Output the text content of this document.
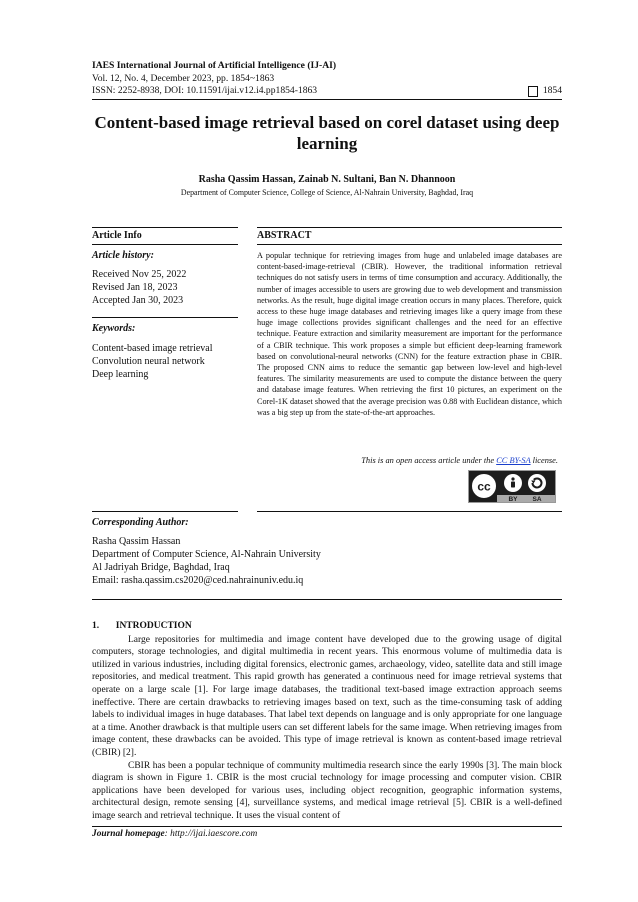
IAES International Journal of Artificial Intelligence (IJ-AI)
Vol. 12, No. 4, December 2023, pp. 1854~1863
ISSN: 2252-8938, DOI: 10.11591/ijai.v12.i4.pp1854-1863	1854
Content-based image retrieval based on corel dataset using deep learning
Rasha Qassim Hassan, Zainab N. Sultani, Ban N. Dhannoon
Department of Computer Science, College of Science, Al-Nahrain University, Baghdad, Iraq
Article Info	ABSTRACT
Article history:
Received Nov 25, 2022
Revised Jan 18, 2023
Accepted Jan 30, 2023
Keywords:
Content-based image retrieval
Convolution neural network
Deep learning
A popular technique for retrieving images from huge and unlabeled image databases are content-based-image-retrieval (CBIR). However, the traditional information retrieval techniques do not satisfy users in terms of time consumption and accuracy. Additionally, the number of images accessible to users are growing due to web development and transmission networks. As the result, huge digital image creation occurs in many places. Therefore, quick access to these huge image databases and retrieving images like a query image from these huge image collections provides significant challenges and the need for an effective technique. Feature extraction and similarity measurement are important for the performance of a CBIR technique. This work proposes a simple but efficient deep-learning framework based on convolutional-neural networks (CNN) for the feature extraction phase in CBIR. The proposed CNN aims to reduce the semantic gap between low-level and high-level features. The similarity measurements are used to compute the distance between the query and database image features. When retrieving the first 10 pictures, an experiment on the Corel-1K dataset showed that the average precision was 0.88 with Euclidean distance, which was a big step up from the state-of-the-art approaches.
This is an open access article under the CC BY-SA license.
cc
BY SA
Corresponding Author:
Rasha Qassim Hassan
Department of Computer Science, Al-Nahrain University
Al Jadriyah Bridge, Baghdad, Iraq
Email: rasha.qassim.cs2020@ced.nahrainuniv.edu.iq
1.       INTRODUCTION

Large repositories for multimedia and image content have developed due to the growing usage of digital computers, storage technologies, and digital multimedia in recent years. This enormous volume of multimedia data is utilized in various industries, including digital forensics, electronic games, archaeology, video, satellite data and still image repositories, and medical treatment. This rapid growth has generated a continuous need for image retrieval systems that operate on a large scale [1]. For large image databases, the traditional text-based image extraction approach seems ineffective. There are certain drawbacks to retrieving images based on text, such as the time-consuming task of adding labels to individual images in huge databases. That label text depends on language and is only appropriate for one language at a time. Another drawback is that multiple users can set different labels for the same image. When retrieving images from image content, these drawbacks can be avoided. This type of image retrieval is known as content-based image retrieval (CBIR) [2].

CBIR has been a popular technique of community multimedia research since the early 1990s [3]. The main block diagram is shown in Figure 1. CBIR is the most crucial technology for image processing and computer vision. CBIR applications have been developed for various uses, including object recognition, geographic information systems, architectural design, remote sensing [4], surveillance systems, and medical image retrieval [5]. CBIR is a well-defined image search and retrieval technique. It uses the visual content of

Journal homepage: http://ijai.iaescore.com
